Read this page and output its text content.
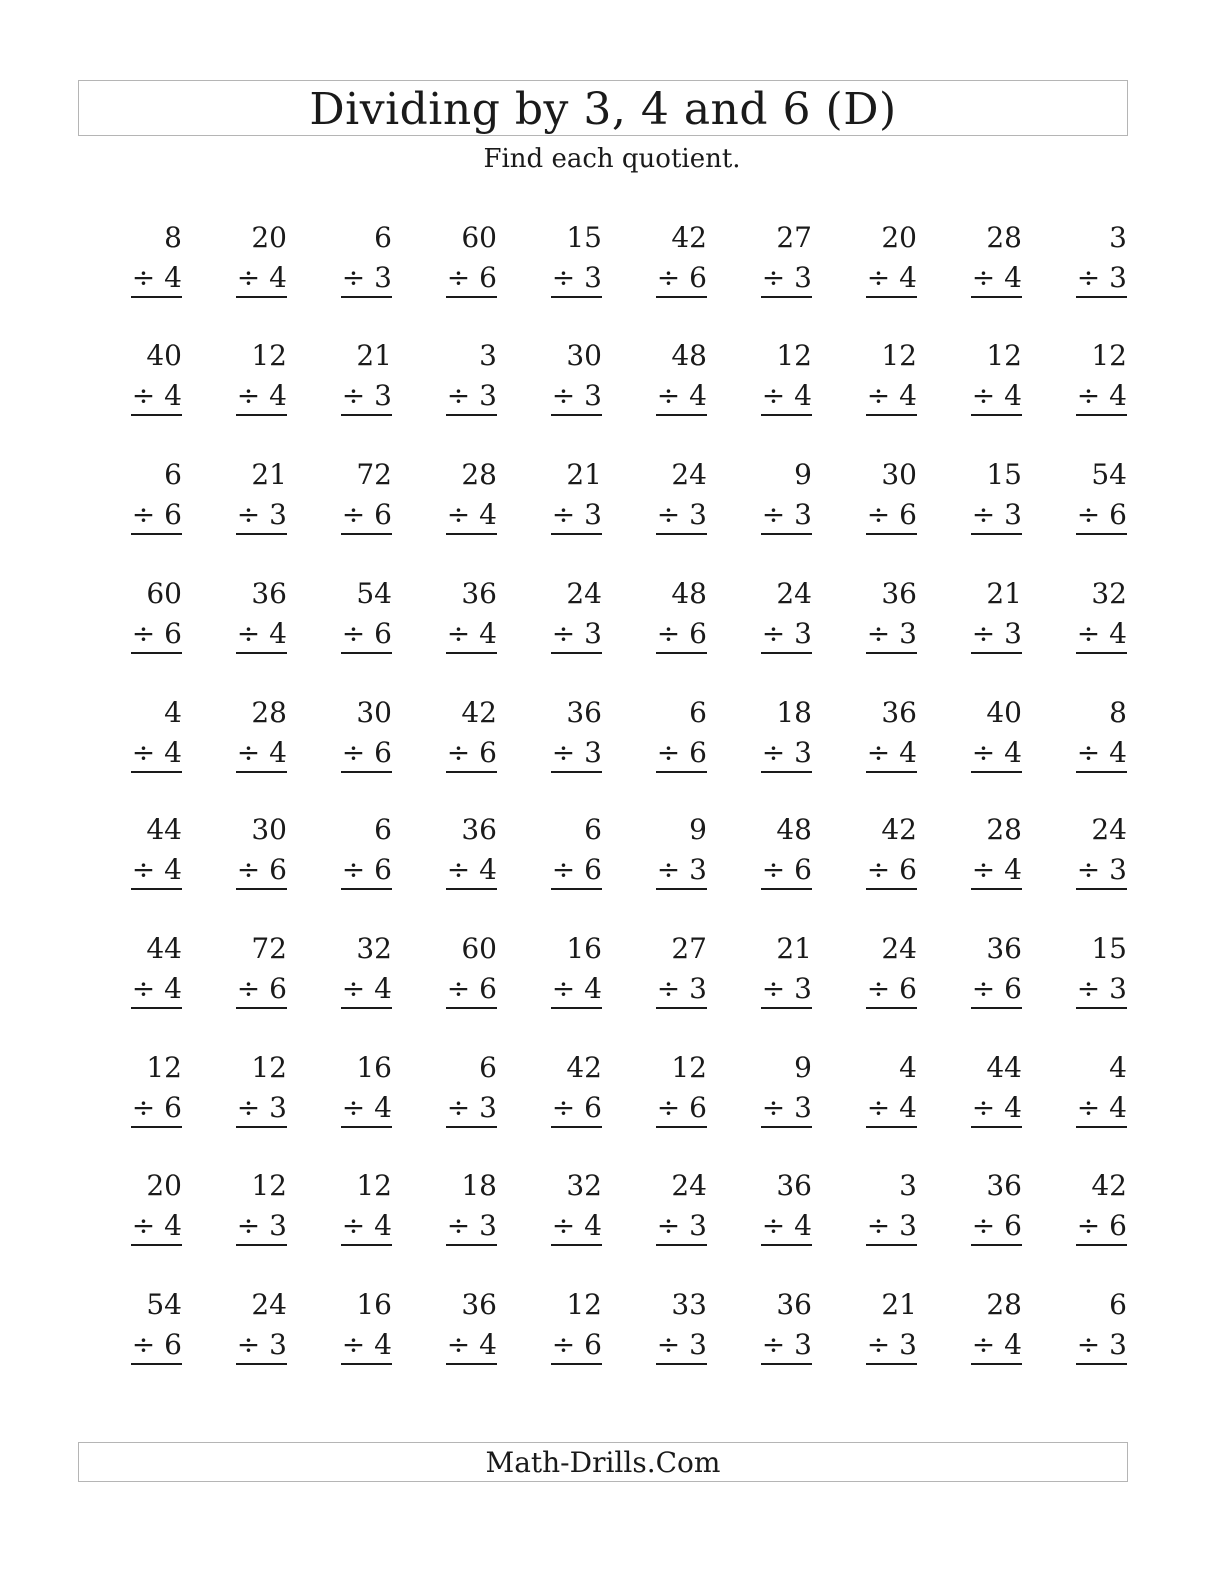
Dividing by 3, 4 and 6 (D)
Find each quotient.
8
÷ 4
20
÷ 4
6
÷ 3
60
÷ 6
15
÷ 3
42
÷ 6
27
÷ 3
20
÷ 4
28
÷ 4
3
÷ 3
40
÷ 4
12
÷ 4
21
÷ 3
3
÷ 3
30
÷ 3
48
÷ 4
12
÷ 4
12
÷ 4
12
÷ 4
12
÷ 4
6
÷ 6
21
÷ 3
72
÷ 6
28
÷ 4
21
÷ 3
24
÷ 3
9
÷ 3
30
÷ 6
15
÷ 3
54
÷ 6
60
÷ 6
36
÷ 4
54
÷ 6
36
÷ 4
24
÷ 3
48
÷ 6
24
÷ 3
36
÷ 3
21
÷ 3
32
÷ 4
4
÷ 4
28
÷ 4
30
÷ 6
42
÷ 6
36
÷ 3
6
÷ 6
18
÷ 3
36
÷ 4
40
÷ 4
8
÷ 4
44
÷ 4
30
÷ 6
6
÷ 6
36
÷ 4
6
÷ 6
9
÷ 3
48
÷ 6
42
÷ 6
28
÷ 4
24
÷ 3
44
÷ 4
72
÷ 6
32
÷ 4
60
÷ 6
16
÷ 4
27
÷ 3
21
÷ 3
24
÷ 6
36
÷ 6
15
÷ 3
12
÷ 6
12
÷ 3
16
÷ 4
6
÷ 3
42
÷ 6
12
÷ 6
9
÷ 3
4
÷ 4
44
÷ 4
4
÷ 4
20
÷ 4
12
÷ 3
12
÷ 4
18
÷ 3
32
÷ 4
24
÷ 3
36
÷ 4
3
÷ 3
36
÷ 6
42
÷ 6
54
÷ 6
24
÷ 3
16
÷ 4
36
÷ 4
12
÷ 6
33
÷ 3
36
÷ 3
21
÷ 3
28
÷ 4
6
÷ 3

Math-Drills.Com
